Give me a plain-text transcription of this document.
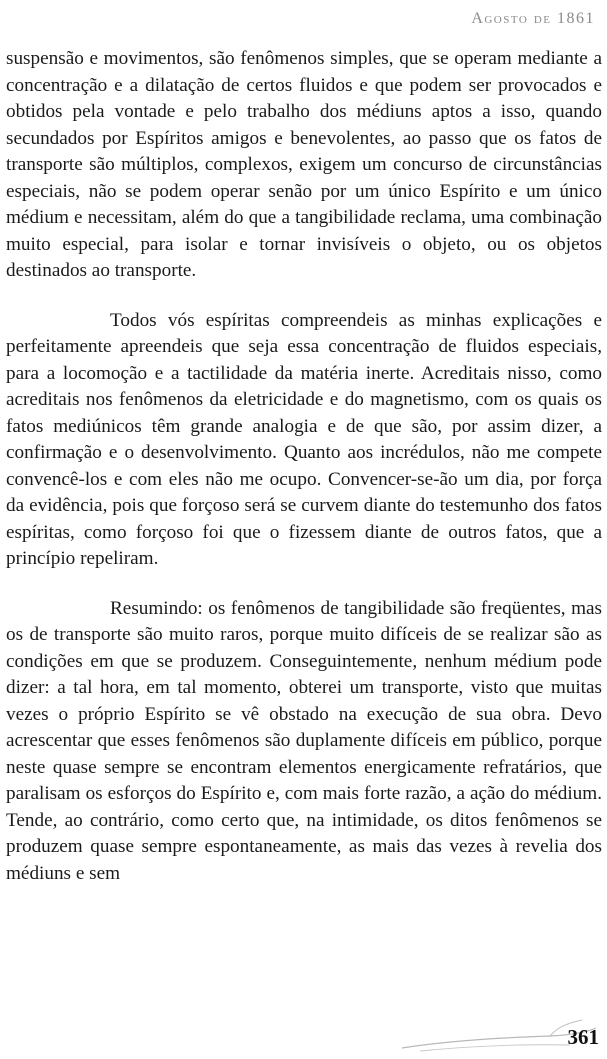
Agosto de 1861

suspensão e movimentos, são fenômenos simples, que se operam mediante a concentração e a dilatação de certos fluidos e que podem ser provocados e obtidos pela vontade e pelo trabalho dos médiuns aptos a isso, quando secundados por Espíritos amigos e benevolentes, ao passo que os fatos de transporte são múltiplos, complexos, exigem um concurso de circunstâncias especiais, não se podem operar senão por um único Espírito e um único médium e necessitam, além do que a tangibilidade reclama, uma combinação muito especial, para isolar e tornar invisíveis o objeto, ou os objetos destinados ao transporte.

Todos vós espíritas compreendeis as minhas explicações e perfeitamente apreendeis que seja essa concentração de fluidos especiais, para a locomoção e a tactilidade da matéria inerte. Acreditais nisso, como acreditais nos fenômenos da eletricidade e do magnetismo, com os quais os fatos mediúnicos têm grande analogia e de que são, por assim dizer, a confirmação e o desenvolvimento. Quanto aos incrédulos, não me compete convencê-los e com eles não me ocupo. Convencer-se-ão um dia, por força da evidência, pois que forçoso será se curvem diante do testemunho dos fatos espíritas, como forçoso foi que o fizessem diante de outros fatos, que a princípio repeliram.

Resumindo: os fenômenos de tangibilidade são freqüentes, mas os de transporte são muito raros, porque muito difíceis de se realizar são as condições em que se produzem. Conseguintemente, nenhum médium pode dizer: a tal hora, em tal momento, obterei um transporte, visto que muitas vezes o próprio Espírito se vê obstado na execução de sua obra. Devo acrescentar que esses fenômenos são duplamente difíceis em público, porque neste quase sempre se encontram elementos energicamente refratários, que paralisam os esforços do Espírito e, com mais forte razão, a ação do médium. Tende, ao contrário, como certo que, na intimidade, os ditos fenômenos se produzem quase sempre espontaneamente, as mais das vezes à revelia dos médiuns e sem

361
